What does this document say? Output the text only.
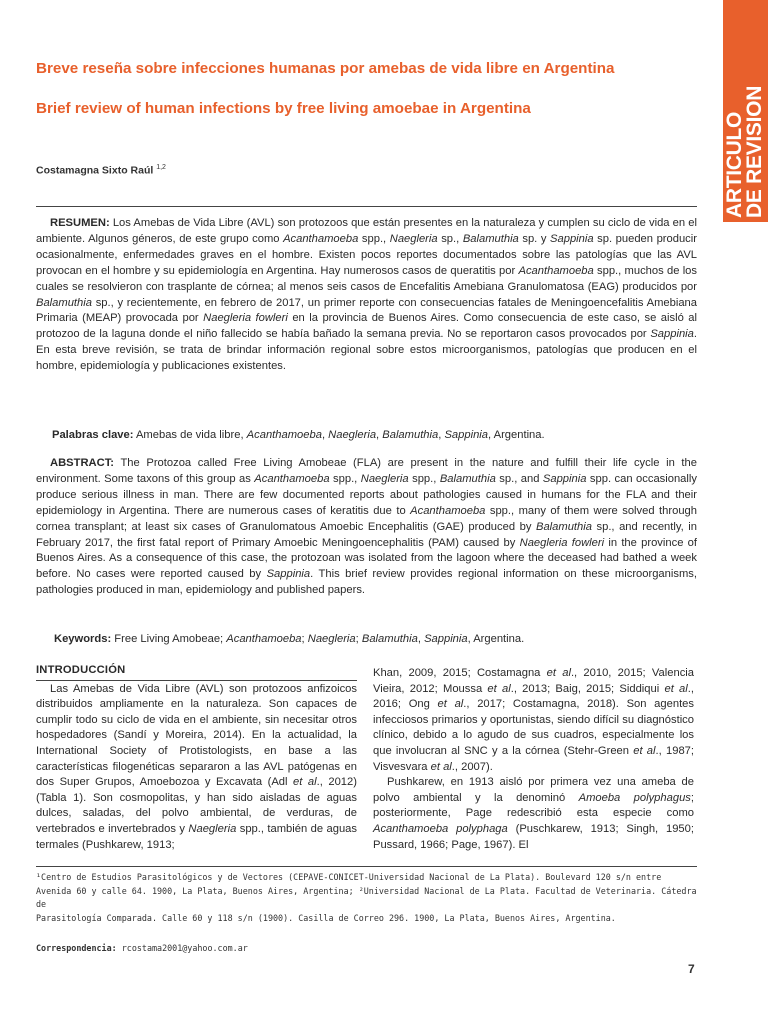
ARTICULO
DE REVISION
Breve reseña sobre infecciones humanas por amebas de vida libre en Argentina
Brief review of human infections by free living amoebae in Argentina
Costamagna Sixto Raúl $^{1,2}$

RESUMEN: Los Amebas de Vida Libre (AVL) son protozoos que están presentes en la naturaleza y cumplen su ciclo de vida en el ambiente. Algunos géneros, de este grupo como Acanthamoeba spp., Naegleria sp., Balamuthia sp. y Sappinia sp. pueden producir ocasionalmente, enfermedades graves en el hombre. Existen pocos reportes documentados sobre las patologías que las AVL provocan en el hombre y su epidemiología en Argentina. Hay numerosos casos de queratitis por Acanthamoeba spp., muchos de los cuales se resolvieron con trasplante de córnea; al menos seis casos de Encefalitis Amebiana Granulomatosa (EAG) producidos por Balamuthia sp., y recientemente, en febrero de 2017, un primer reporte con consecuencias fatales de Meningoencefalitis Amebiana Primaria (MEAP) provocada por Naegleria fowleri en la provincia de Buenos Aires. Como consecuencia de este caso, se aisló al protozoo de la laguna donde el niño fallecido se había bañado la semana previa. No se reportaron casos provocados por Sappinia. En esta breve revisión, se trata de brindar información regional sobre estos microorganismos, patologías que producen en el hombre, epidemiología y publicaciones existentes.

Palabras clave: Amebas de vida libre, Acanthamoeba, Naegleria, Balamuthia, Sappinia, Argentina.

ABSTRACT: The Protozoa called Free Living Amobeae (FLA) are present in the nature and fulfill their life cycle in the environment. Some taxons of this group as Acanthamoeba spp., Naegleria spp., Balamuthia sp., and Sappinia spp. can occasionally produce serious illness in man. There are few documented reports about pathologies caused in humans for the FLA and their epidemiology in Argentina. There are numerous cases of keratitis due to Acanthamoeba spp., many of them were solved through cornea transplant; at least six cases of Granulomatous Amoebic Encephalitis (GAE) produced by Balamuthia sp., and recently, in February 2017, the first fatal report of Primary Amoebic Meningoencephalitis (PAM) caused by Naegleria fowleri in the province of Buenos Aires. As a consequence of this case, the protozoan was isolated from the lagoon where the deceased had bathed a week before. No cases were reported caused by Sappinia. This brief review provides regional information on these microorganisms, pathologies produced in man, epidemiology and published papers.

Keywords: Free Living Amobeae; Acanthamoeba; Naegleria; Balamuthia, Sappinia, Argentina.
INTRODUCCIÓN

Las Amebas de Vida Libre (AVL) son protozoos anfizoicos distribuidos ampliamente en la naturaleza. Son capaces de cumplir todo su ciclo de vida en el ambiente, sin necesitar otros hospedadores (Sandí y Moreira, 2014). En la actualidad, la International Society of Protistologists, en base a las características filogenéticas separaron a las AVL patógenas en dos Super Grupos, Amoebozoa y Excavata (Adl et al., 2012) (Tabla 1). Son cosmopolitas, y han sido aisladas de aguas dulces, saladas, del polvo ambiental, de verduras, de vertebrados e invertebrados y Naegleria spp., también de aguas termales (Pushkarew, 1913;

Khan, 2009, 2015; Costamagna et al., 2010, 2015; Valencia Vieira, 2012; Moussa et al., 2013; Baig, 2015; Siddiqui et al., 2016; Ong et al., 2017; Costamagna, 2018). Son agentes infecciosos primarios y oportunistas, siendo difícil su diagnóstico clínico, debido a lo agudo de sus cuadros, especialmente los que involucran al SNC y a la córnea (Stehr-Green et al., 1987; Visvesvara et al., 2007).

Pushkarew, en 1913 aisló por primera vez una ameba de polvo ambiental y la denominó Amoeba polyphagus; posteriormente, Page redescribió esta especie como Acanthamoeba polyphaga (Puschkarew, 1913; Singh, 1950; Pussard, 1966; Page, 1967). El

¹Centro de Estudios Parasitológicos y de Vectores (CEPAVE-CONICET-Universidad Nacional de La Plata). Boulevard 120 s/n entre
Avenida 60 y calle 64. 1900, La Plata, Buenos Aires, Argentina; ²Universidad Nacional de La Plata. Facultad de Veterinaria. Cátedra de
Parasitología Comparada. Calle 60 y 118 s/n (1900). Casilla de Correo 296. 1900, La Plata, Buenos Aires, Argentina.
Correspondencia: rcostama2001@yahoo.com.ar
7
